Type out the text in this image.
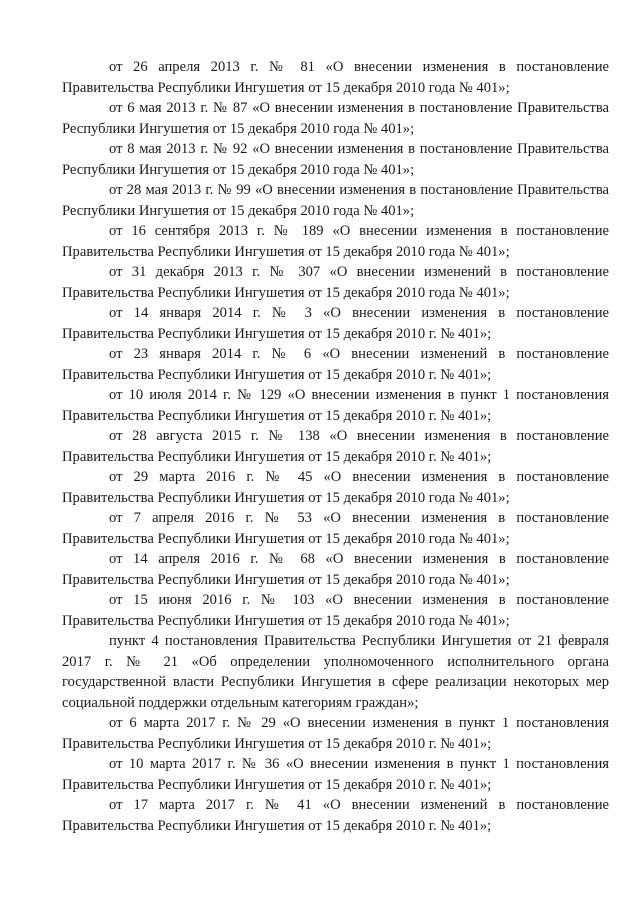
от 26 апреля 2013 г. № 81 «О внесении изменения в постановление Правительства Республики Ингушетия от 15 декабря 2010 года № 401»;

от 6 мая 2013 г. № 87 «О внесении изменения в постановление Правительства Республики Ингушетия от 15 декабря 2010 года № 401»;

от 8 мая 2013 г. № 92 «О внесении изменения в постановление Правительства Республики Ингушетия от 15 декабря 2010 года № 401»;

от 28 мая 2013 г. № 99 «О внесении изменения в постановление Правительства Республики Ингушетия от 15 декабря 2010 года № 401»;

от 16 сентября 2013 г. № 189 «О внесении изменения в постановление Правительства Республики Ингушетия от 15 декабря 2010 года № 401»;

от 31 декабря 2013 г. № 307 «О внесении изменений в постановление Правительства Республики Ингушетия от 15 декабря 2010 года № 401»;

от 14 января 2014 г. № 3 «О внесении изменения в постановление Правительства Республики Ингушетия от 15 декабря 2010 г. № 401»;

от 23 января 2014 г. № 6 «О внесении изменений в постановление Правительства Республики Ингушетия от 15 декабря 2010 г. № 401»;

от 10 июля 2014 г. № 129 «О внесении изменения в пункт 1 постановления Правительства Республики Ингушетия от 15 декабря 2010 г. № 401»;

от 28 августа 2015 г. № 138 «О внесении изменения в постановление Правительства Республики Ингушетия от 15 декабря 2010 г. № 401»;

от 29 марта 2016 г. № 45 «О внесении изменения в постановление Правительства Республики Ингушетия от 15 декабря 2010 года № 401»;

от 7 апреля 2016 г. № 53 «О внесении изменения в постановление Правительства Республики Ингушетия от 15 декабря 2010 года № 401»;

от 14 апреля 2016 г. № 68 «О внесении изменения в постановление Правительства Республики Ингушетия от 15 декабря 2010 года № 401»;

от 15 июня 2016 г. № 103 «О внесении изменения в постановление Правительства Республики Ингушетия от 15 декабря 2010 года № 401»;

пункт 4 постановления Правительства Республики Ингушетия от 21 февраля 2017 г. № 21 «Об определении уполномоченного исполнительного органа государственной власти Республики Ингушетия в сфере реализации некоторых мер социальной поддержки отдельным категориям граждан»;

от 6 марта 2017 г. № 29 «О внесении изменения в пункт 1 постановления Правительства Республики Ингушетия от 15 декабря 2010 г. № 401»;

от 10 марта 2017 г. № 36 «О внесении изменения в пункт 1 постановления Правительства Республики Ингушетия от 15 декабря 2010 г. № 401»;

от 17 марта 2017 г. № 41 «О внесении изменений в постановление Правительства Республики Ингушетия от 15 декабря 2010 г. № 401»;
